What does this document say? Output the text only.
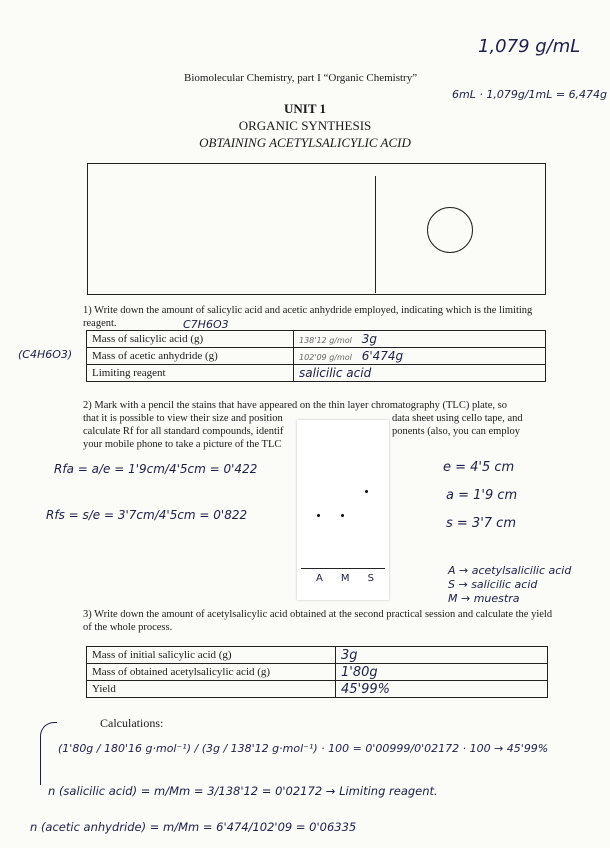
1,079 g/mL
6mL · 1,079g/1mL = 6,474g
Biomolecular Chemistry, part I “Organic Chemistry”
UNIT 1
ORGANIC SYNTHESIS
OBTAINING ACETYLSALICYLIC ACID
1) Write down the amount of salicylic acid and acetic anhydride employed, indicating which is the limiting reagent.	C7H6O3
(C4H6O3)
Mass of salicylic acid (g)	138'12 g/mol 3g
Mass of acetic anhydride (g)	102'09 g/mol 6'474g
Limiting reagent	salicilic acid
2) Mark with a pencil the stains that have appeared on the thin layer chromatography (TLC) plate, so
that it is possible to view their size and position	data sheet using cello tape, and
calculate Rf for all standard compounds, identif	ponents (also, you can employ
your mobile phone to take a picture of the TLC
A M S
Rfa = a/e = 1'9cm/4'5cm = 0'422
Rfs = s/e = 3'7cm/4'5cm = 0'822
e = 4'5 cm
a = 1'9 cm
s = 3'7 cm
A → acetylsalicilic acid
S → salicilic acid
M → muestra
3) Write down the amount of acetylsalicylic acid obtained at the second practical session and calculate the yield of the whole process.
Mass of initial salicylic acid (g)	3g
Mass of obtained acetylsalicylic acid (g)	1'80g
Yield	45'99%
Calculations:
(1'80g / 180'16 g·mol⁻¹) / (3g / 138'12 g·mol⁻¹) · 100 = 0'00999/0'02172 · 100 → 45'99%
n (salicilic acid) = m/Mm = 3/138'12 = 0'02172 → Limiting reagent.
n (acetic anhydride) = m/Mm = 6'474/102'09 = 0'06335
